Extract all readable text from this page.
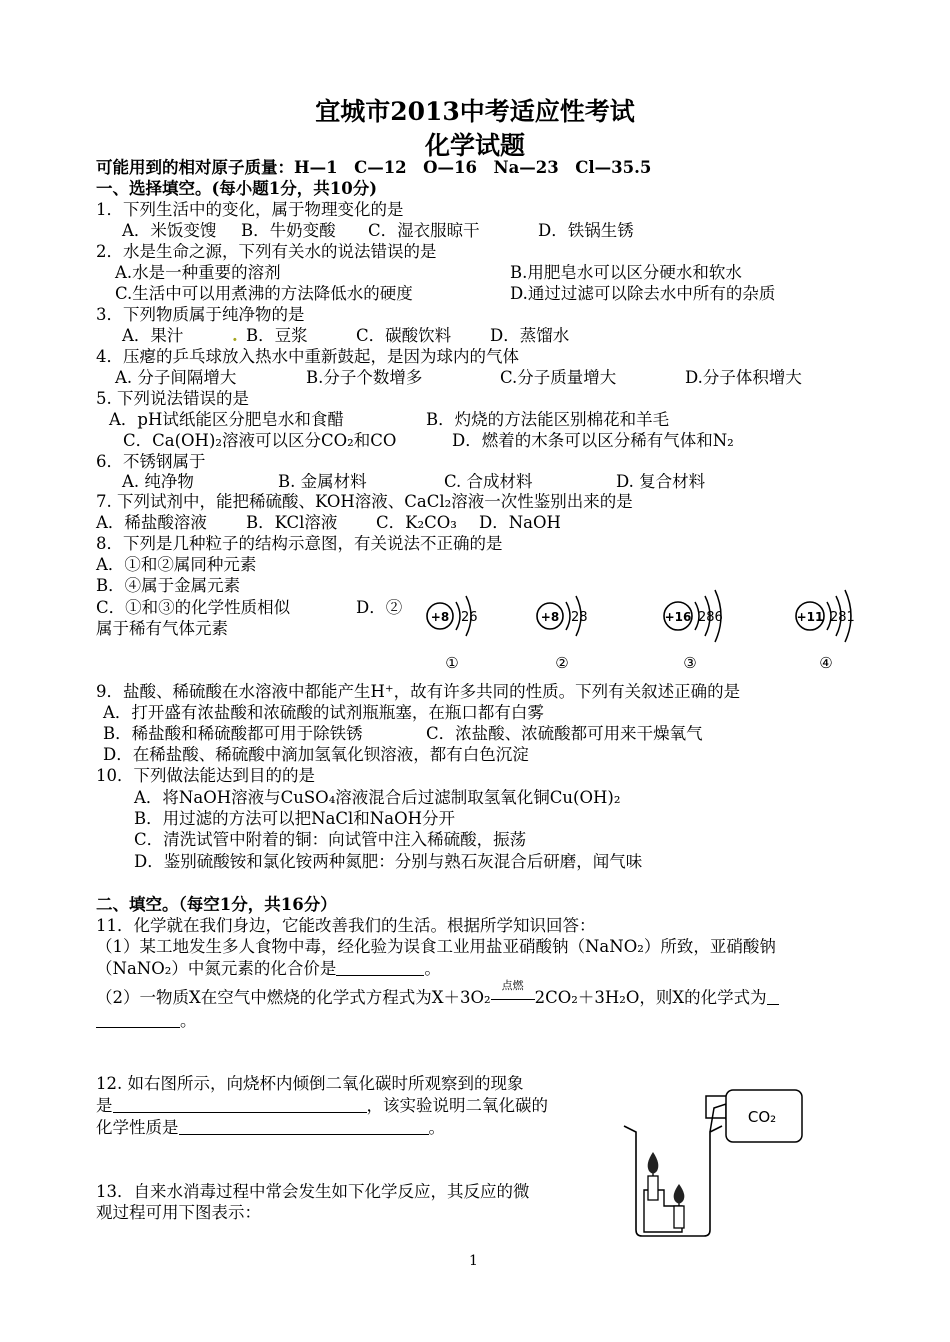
宜城市2013中考适应性考试
化学试题
可能用到的相对原子质量：H—1　C—12　O—16　Na—23　Cl—35.5
一、选择填空。(每小题1分，共10分)
1．下列生活中的变化，属于物理变化的是
A．米饭变馊 B．牛奶变酸 C．湿衣服晾干	D．铁锅生锈
2．水是生命之源，下列有关水的说法错误的是
A.水是一种重要的溶剂	B.用肥皂水可以区分硬水和软水
C.生活中可以用煮沸的方法降低水的硬度	D.通过过滤可以除去水中所有的杂质
3．下列物质属于纯净物的是
A．果汁	. B．豆浆	C．碳酸饮料 D．蒸馏水
4．压瘪的乒乓球放入热水中重新鼓起，是因为球内的气体
A. 分子间隔增大	B.分子个数增多	C.分子质量增大	D.分子体积增大
5. 下列说法错误的是
A．pH试纸能区分肥皂水和食醋	B．灼烧的方法能区别棉花和羊毛
C．Ca(OH)₂溶液可以区分CO₂和CO	D．燃着的木条可以区分稀有气体和N₂
6．不锈钢属于
A. 纯净物	B. 金属材料	C. 合成材料	D. 复合材料
7. 下列试剂中，能把稀硫酸、KOH溶液、CaCl₂溶液一次性鉴别出来的是
A．稀盐酸溶液 B．KCl溶液 C．K₂CO₃ D．NaOH
8．下列是几种粒子的结构示意图，有关说法不正确的是
A．①和②属同种元素
B．④属于金属元素
C．①和③的化学性质相似	D．②
属于稀有气体元素
+8 26
①
+8 28
②
+16 286
③
+11 281
④
9．盐酸、稀硫酸在水溶液中都能产生H⁺，故有许多共同的性质。下列有关叙述正确的是
A．打开盛有浓盐酸和浓硫酸的试剂瓶瓶塞，在瓶口都有白雾
B．稀盐酸和稀硫酸都可用于除铁锈	C．浓盐酸、浓硫酸都可用来干燥氧气
D．在稀盐酸、稀硫酸中滴加氢氧化钡溶液，都有白色沉淀
10．下列做法能达到目的的是
A．将NaOH溶液与CuSO₄溶液混合后过滤制取氢氧化铜Cu(OH)₂
B．用过滤的方法可以把NaCl和NaOH分开
C．清洗试管中附着的铜：向试管中注入稀硫酸，振荡
D．鉴别硫酸铵和氯化铵两种氮肥：分别与熟石灰混合后研磨，闻气味
二、填空。（每空1分，共16分）
11．化学就在我们身边，它能改善我们的生活。根据所学知识回答：
（1）某工地发生多人食物中毒，经化验为误食工业用盐亚硝酸钠（NaNO₂）所致，亚硝酸钠
（NaNO₂）中氮元素的化合价是	。
（2）一物质X在空气中燃烧的化学式方程式为X＋3O₂
点燃
2CO₂＋3H₂O，则X的化学式为
。
12. 如右图所示，向烧杯内倾倒二氧化碳时所观察到的现象
是	，该实验说明二氧化碳的
化学性质是	。
CO₂
13．自来水消毒过程中常会发生如下化学反应，其反应的微
观过程可用下图表示：
1
